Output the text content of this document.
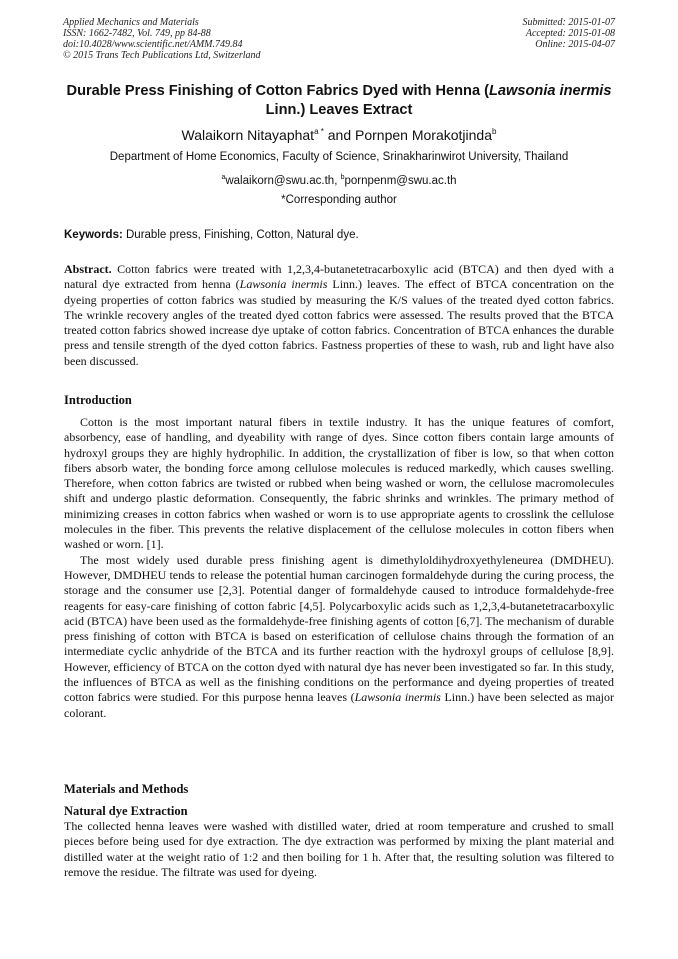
Applied Mechanics and Materials
ISSN: 1662-7482, Vol. 749, pp 84-88
doi:10.4028/www.scientific.net/AMM.749.84
© 2015 Trans Tech Publications Ltd, Switzerland
Submitted: 2015-01-07
Accepted: 2015-01-08
Online: 2015-04-07
Durable Press Finishing of Cotton Fabrics Dyed with Henna (Lawsonia inermis Linn.) Leaves Extract
Walaikorn Nitayaphat$^{a *}$ and Pornpen Morakotjinda$^b$
Department of Home Economics, Faculty of Science, Srinakharinwirot University, Thailand
$^a$walaikorn@swu.ac.th, $^b$pornpenm@swu.ac.th
*Corresponding author
Keywords: Durable press, Finishing, Cotton, Natural dye.
Abstract. Cotton fabrics were treated with 1,2,3,4-butanetetracarboxylic acid (BTCA) and then dyed with a natural dye extracted from henna (Lawsonia inermis Linn.) leaves. The effect of BTCA concentration on the dyeing properties of cotton fabrics was studied by measuring the K/S values of the treated dyed cotton fabrics. The wrinkle recovery angles of the treated dyed cotton fabrics were assessed. The results proved that the BTCA treated cotton fabrics showed increase dye uptake of cotton fabrics. Concentration of BTCA enhances the durable press and tensile strength of the dyed cotton fabrics. Fastness properties of these to wash, rub and light have also been discussed.
Introduction

Cotton is the most important natural fibers in textile industry. It has the unique features of comfort, absorbency, ease of handling, and dyeability with range of dyes. Since cotton fibers contain large amounts of hydroxyl groups they are highly hydrophilic. In addition, the crystallization of fiber is low, so that when cotton fibers absorb water, the bonding force among cellulose molecules is reduced markedly, which causes swelling. Therefore, when cotton fabrics are twisted or rubbed when being washed or worn, the cellulose macromolecules shift and undergo plastic deformation. Consequently, the fabric shrinks and wrinkles. The primary method of minimizing creases in cotton fabrics when washed or worn is to use appropriate agents to crosslink the cellulose molecules in the fiber. This prevents the relative displacement of the cellulose molecules in cotton fibers when washed or worn. [1].

The most widely used durable press finishing agent is dimethyloldihydroxyethyleneurea (DMDHEU). However, DMDHEU tends to release the potential human carcinogen formaldehyde during the curing process, the storage and the consumer use [2,3]. Potential danger of formaldehyde caused to introduce formaldehyde-free reagents for easy-care finishing of cotton fabric [4,5]. Polycarboxylic acids such as 1,2,3,4-butanetetracarboxylic acid (BTCA) have been used as the formaldehyde-free finishing agents of cotton [6,7]. The mechanism of durable press finishing of cotton with BTCA is based on esterification of cellulose chains through the formation of an intermediate cyclic anhydride of the BTCA and its further reaction with the hydroxyl groups of cellulose [8,9]. However, efficiency of BTCA on the cotton dyed with natural dye has never been investigated so far. In this study, the influences of BTCA as well as the finishing conditions on the performance and dyeing properties of treated cotton fabrics were studied. For this purpose henna leaves (Lawsonia inermis Linn.) have been selected as major colorant.

Materials and Methods
Natural dye Extraction
The collected henna leaves were washed with distilled water, dried at room temperature and crushed to small pieces before being used for dye extraction. The dye extraction was performed by mixing the plant material and distilled water at the weight ratio of 1:2 and then boiling for 1 h. After that, the resulting solution was filtered to remove the residue. The filtrate was used for dyeing.
